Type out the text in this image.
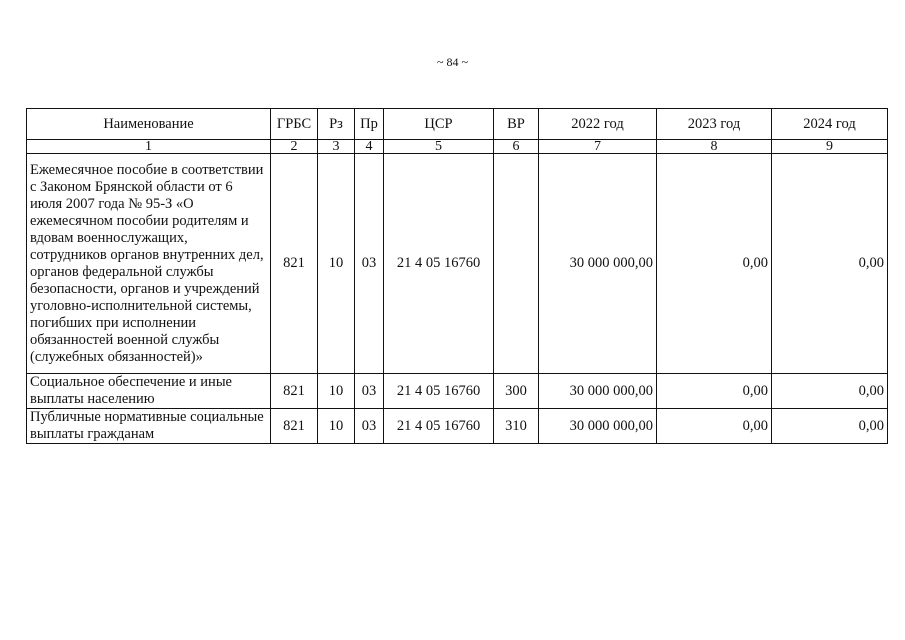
~ 84 ~
Наименование	ГРБС	Рз	Пр	ЦСР	ВР	2022 год	2023 год	2024 год
1	2	3	4	5	6	7	8	9
Ежемесячное пособие в соответствии с Законом Брянской области от 6 июля 2007 года № 95-З «О ежемесячном пособии родителям и вдовам военнослужащих, сотрудников органов внутренних дел, органов федеральной службы безопасности, органов и учреждений уголовно-исполнительной системы, погибших при исполнении обязанностей военной службы (служебных обязанностей)»	821	10	03	21 4 05 16760		30 000 000,00	0,00	0,00
Социальное обеспечение и иные выплаты населению	821	10	03	21 4 05 16760	300	30 000 000,00	0,00	0,00
Публичные нормативные социальные выплаты гражданам	821	10	03	21 4 05 16760	310	30 000 000,00	0,00	0,00
